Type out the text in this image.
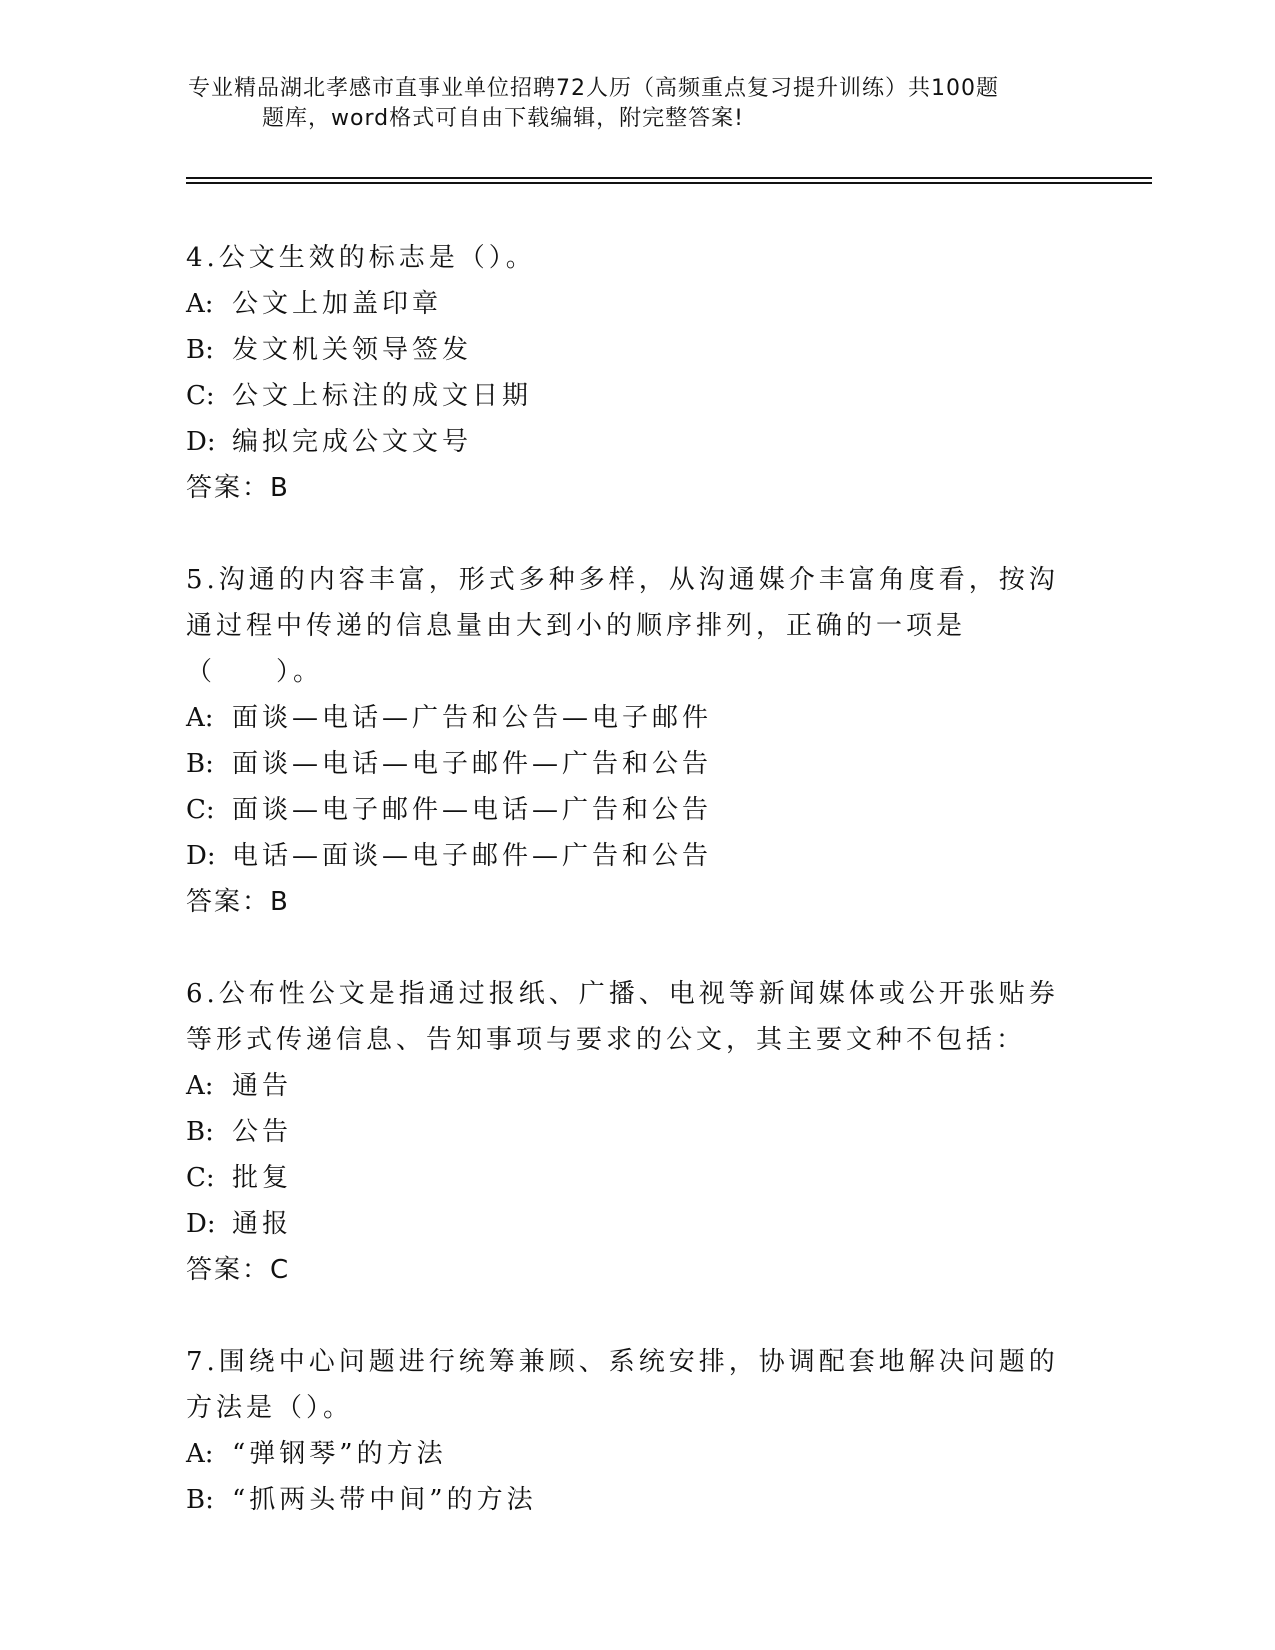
专业精品湖北孝感市直事业单位招聘72人历（高频重点复习提升训练）共100题
题库，word格式可自由下载编辑，附完整答案!

4.公文生效的标志是（）。

A: 公文上加盖印章

B: 发文机关领导签发

C: 公文上标注的成文日期

D: 编拟完成公文文号

答案：B

5.沟通的内容丰富，形式多种多样，从沟通媒介丰富角度看，按沟通过程中传递的信息量由大到小的顺序排列，正确的一项是（　　）。

A: 面谈—电话—广告和公告—电子邮件

B: 面谈—电话—电子邮件—广告和公告

C: 面谈—电子邮件—电话—广告和公告

D: 电话—面谈—电子邮件—广告和公告

答案：B

6.公布性公文是指通过报纸、广播、电视等新闻媒体或公开张贴券等形式传递信息、告知事项与要求的公文，其主要文种不包括：

A: 通告

B: 公告

C: 批复

D: 通报

答案：C

7.围绕中心问题进行统筹兼顾、系统安排，协调配套地解决问题的方法是（）。

A: “弹钢琴”的方法

B: “抓两头带中间”的方法
